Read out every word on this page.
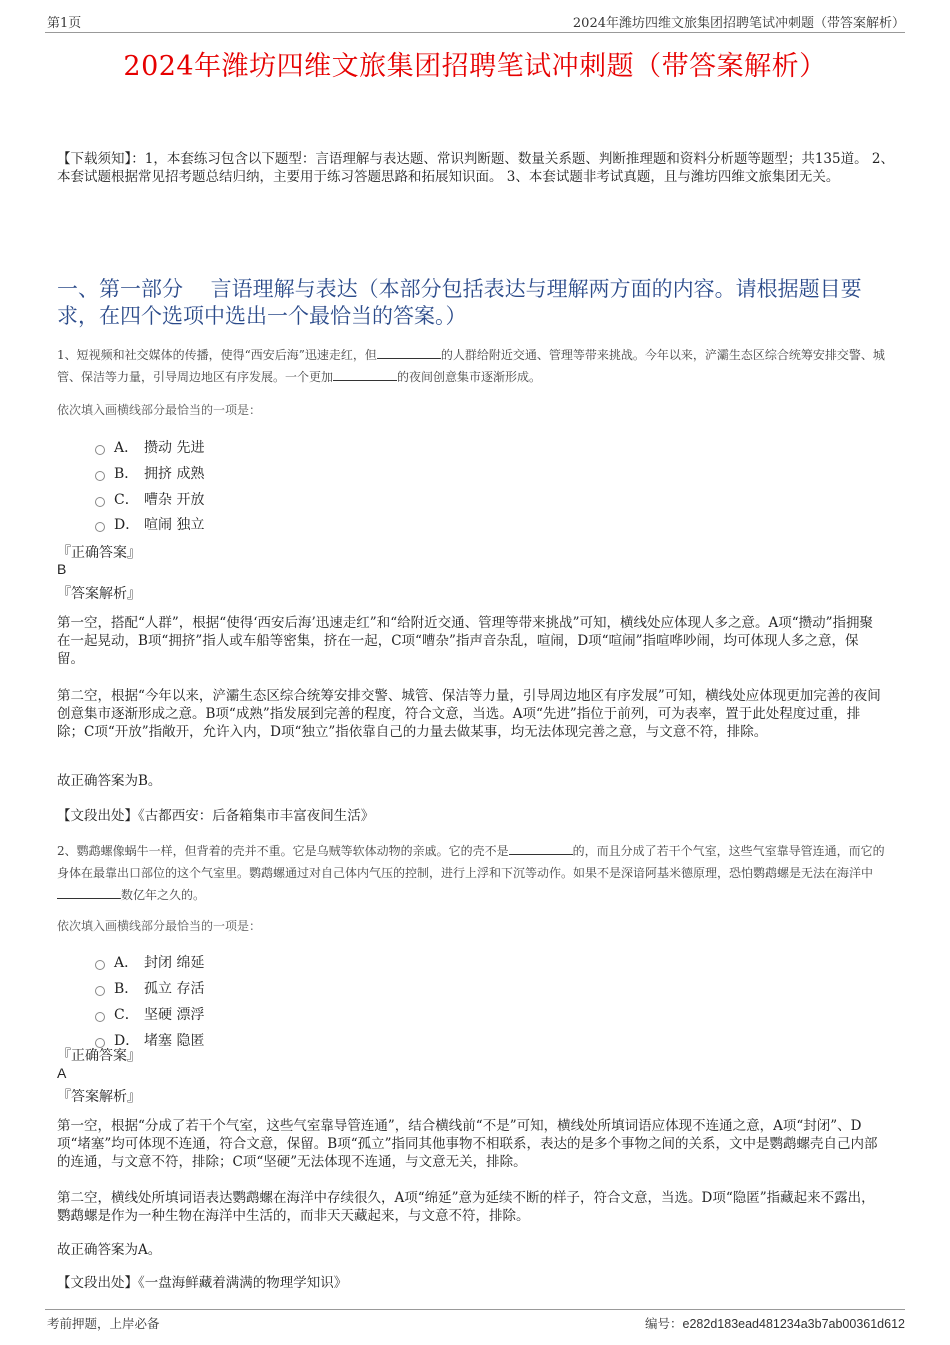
第1页	2024年潍坊四维文旅集团招聘笔试冲刺题（带答案解析）
2024年潍坊四维文旅集团招聘笔试冲刺题（带答案解析）
【下载须知】：1，本套练习包含以下题型：言语理解与表达题、常识判断题、数量关系题、判断推理题和资料分析题等题型；共135道。 2、本套试题根据常见招考题总结归纳，主要用于练习答题思路和拓展知识面。 3、本套试题非考试真题，且与潍坊四维文旅集团无关。
一、第一部分　 言语理解与表达（本部分包括表达与理解两方面的内容。请根据题目要求，在四个选项中选出一个最恰当的答案。）
1、短视频和社交媒体的传播，使得“西安后海”迅速走红，但	的人群给附近交通、管理等带来挑战。今年以来，浐灞生态区综合统筹安排交警、城管、保洁等力量，引导周边地区有序发展。一个更加	的夜间创意集市逐渐形成。
依次填入画横线部分最恰当的一项是：
A． 攒动 先进
B． 拥挤 成熟
C． 嘈杂 开放
D． 喧闹 独立
『正确答案』
B
『答案解析』
第一空，搭配“人群”，根据“使得‘西安后海’迅速走红”和“给附近交通、管理等带来挑战”可知，横线处应体现人多之意。A项“攒动”指拥聚在一起晃动，B项“拥挤”指人或车船等密集，挤在一起，C项“嘈杂”指声音杂乱，喧闹，D项“喧闹”指喧哗吵闹，均可体现人多之意，保留。
第二空，根据“今年以来，浐灞生态区综合统筹安排交警、城管、保洁等力量，引导周边地区有序发展”可知，横线处应体现更加完善的夜间创意集市逐渐形成之意。B项“成熟”指发展到完善的程度，符合文意，当选。A项“先进”指位于前列，可为表率，置于此处程度过重，排除；C项“开放”指敞开，允许入内，D项“独立”指依靠自己的力量去做某事，均无法体现完善之意，与文意不符，排除。
故正确答案为B。
【文段出处】《古都西安：后备箱集市丰富夜间生活》
2、鹦鹉螺像蜗牛一样，但背着的壳并不重。它是乌贼等软体动物的亲戚。它的壳不是	的，而且分成了若干个气室，这些气室靠导管连通，而它的身体在最靠出口部位的这个气室里。鹦鹉螺通过对自己体内气压的控制，进行上浮和下沉等动作。如果不是深谙阿基米德原理，恐怕鹦鹉螺是无法在海洋中数亿年之久的。
依次填入画横线部分最恰当的一项是：
A． 封闭 绵延
B． 孤立 存活
C． 坚硬 漂浮
D． 堵塞 隐匿
『正确答案』
A
『答案解析』
第一空，根据“分成了若干个气室，这些气室靠导管连通”，结合横线前“不是”可知，横线处所填词语应体现不连通之意，A项“封闭”、D项“堵塞”均可体现不连通，符合文意，保留。B项“孤立”指同其他事物不相联系，表达的是多个事物之间的关系，文中是鹦鹉螺壳自己内部的连通，与文意不符，排除；C项“坚硬”无法体现不连通，与文意无关，排除。
第二空，横线处所填词语表达鹦鹉螺在海洋中存续很久，A项“绵延”意为延续不断的样子，符合文意，当选。D项“隐匿”指藏起来不露出，鹦鹉螺是作为一种生物在海洋中生活的，而非天天藏起来，与文意不符，排除。
故正确答案为A。
【文段出处】《一盘海鲜藏着满满的物理学知识》
考前押题，上岸必备	编号：e282d183ead481234a3b7ab00361d612
